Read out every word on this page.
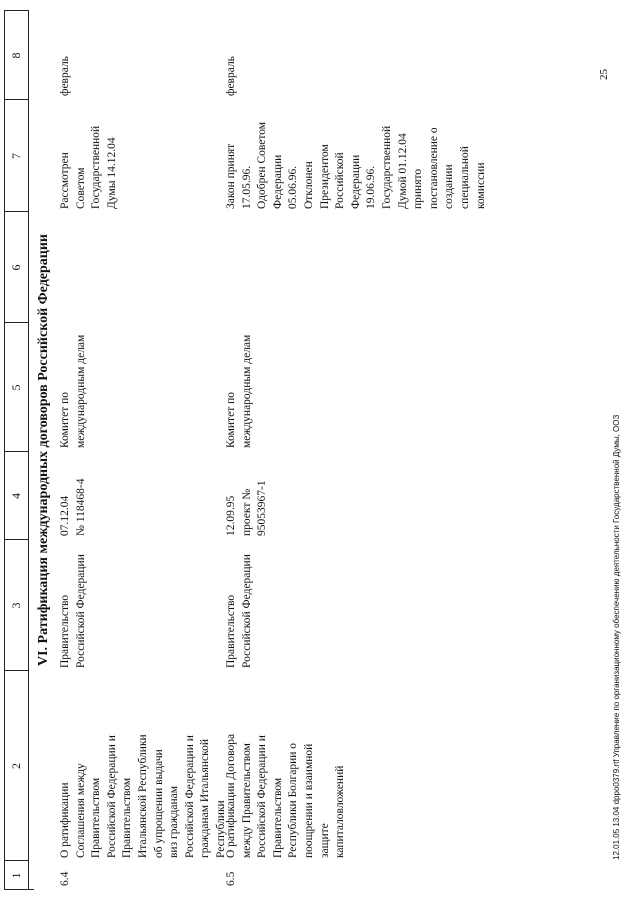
1
2
3
4
5
6
7
8
VI. Ратификация международных договоров Российской Федерации
6.4
О ратификации
Соглашения между
Правительством
Российской Федерации и
Правительством
Итальянской Республики
об упрощении выдачи
виз гражданам
Российской Федерации и
гражданам Итальянской
Республики
Правительство
Российской Федерации
07.12.04
№ 118468-4
Комитет по
международным делам
Рассмотрен
Советом
Государственной
Думы 14.12.04
февраль
6.5
О ратификации Договора
между Правительством
Российской Федерации и
Правительством
Республики Болгарии о
поощрении и взаимной
защите
капиталовложений
Правительство
Российской Федерации
12.09.95
проект №
95053967-1
Комитет по
международным делам
Закон принят
17.05.96.
Одобрен Советом
Федерации
05.06.96.
Отклонен
Президентом
Российской
Федерации
19.06.96.
Государственной
Думой 01.12.04
принято
постановление о
создании
специальной
комиссии
февраль
12.01.05 13.04 dppo0379.rtf Управление по организационному обеспечению деятельности Государственной Думы, ООЗ
25
